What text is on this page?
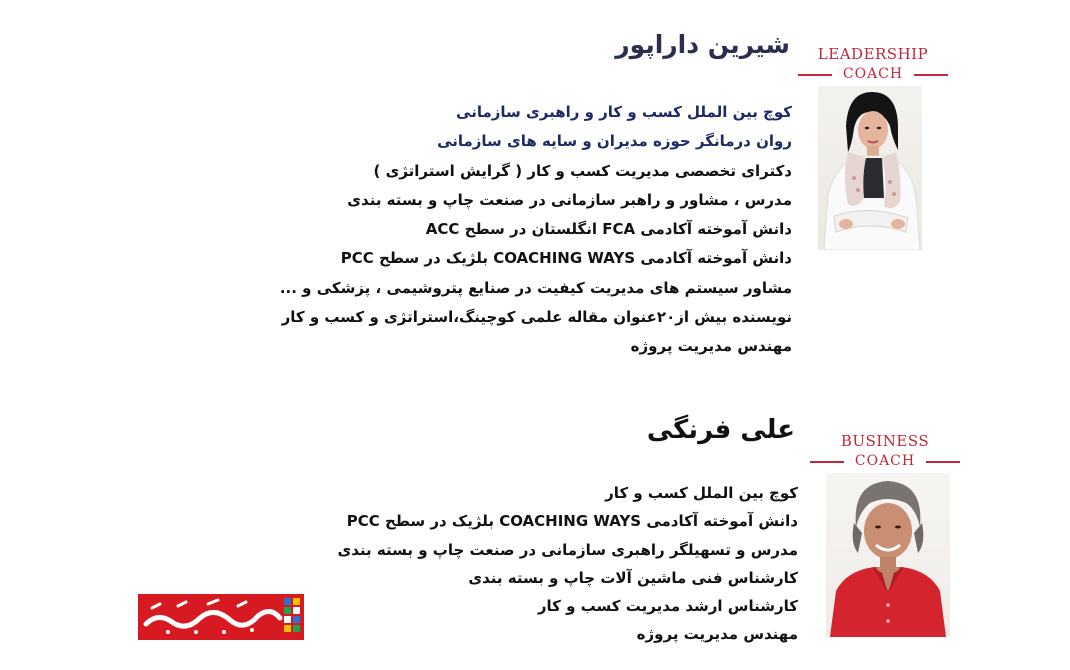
شیرین داراپور
کوچ بین الملل کسب و کار و راهبری سازمانی
روان درمانگر حوزه مدیران و سایه های سازمانی
دکترای تخصصی مدیریت کسب و کار ( گرایش استراتژی )
مدرس ، مشاور و راهبر سازمانی در صنعت چاپ و بسته بندی
دانش آموخته آکادمی FCA انگلستان در سطح ACC
دانش آموخته آکادمی COACHING WAYS بلژیک در سطح PCC
مشاور سیستم های مدیریت کیفیت در صنایع پتروشیمی ، پزشکی و ...
نویسنده بیش از۲۰عنوان مقاله علمی کوچینگ،استراتژی و کسب و کار
مهندس مدیریت پروژه
LEADERSHIP
COACH
علی فرنگی
کوچ بین الملل کسب و کار
دانش آموخته آکادمی COACHING WAYS بلژیک در سطح PCC
مدرس و تسهیلگر راهبری سازمانی در صنعت چاپ و بسته بندی
کارشناس فنی ماشین آلات چاپ و بسته بندی
کارشناس ارشد مدیریت کسب و کار
مهندس مدیریت پروژه
BUSINESS
COACH
